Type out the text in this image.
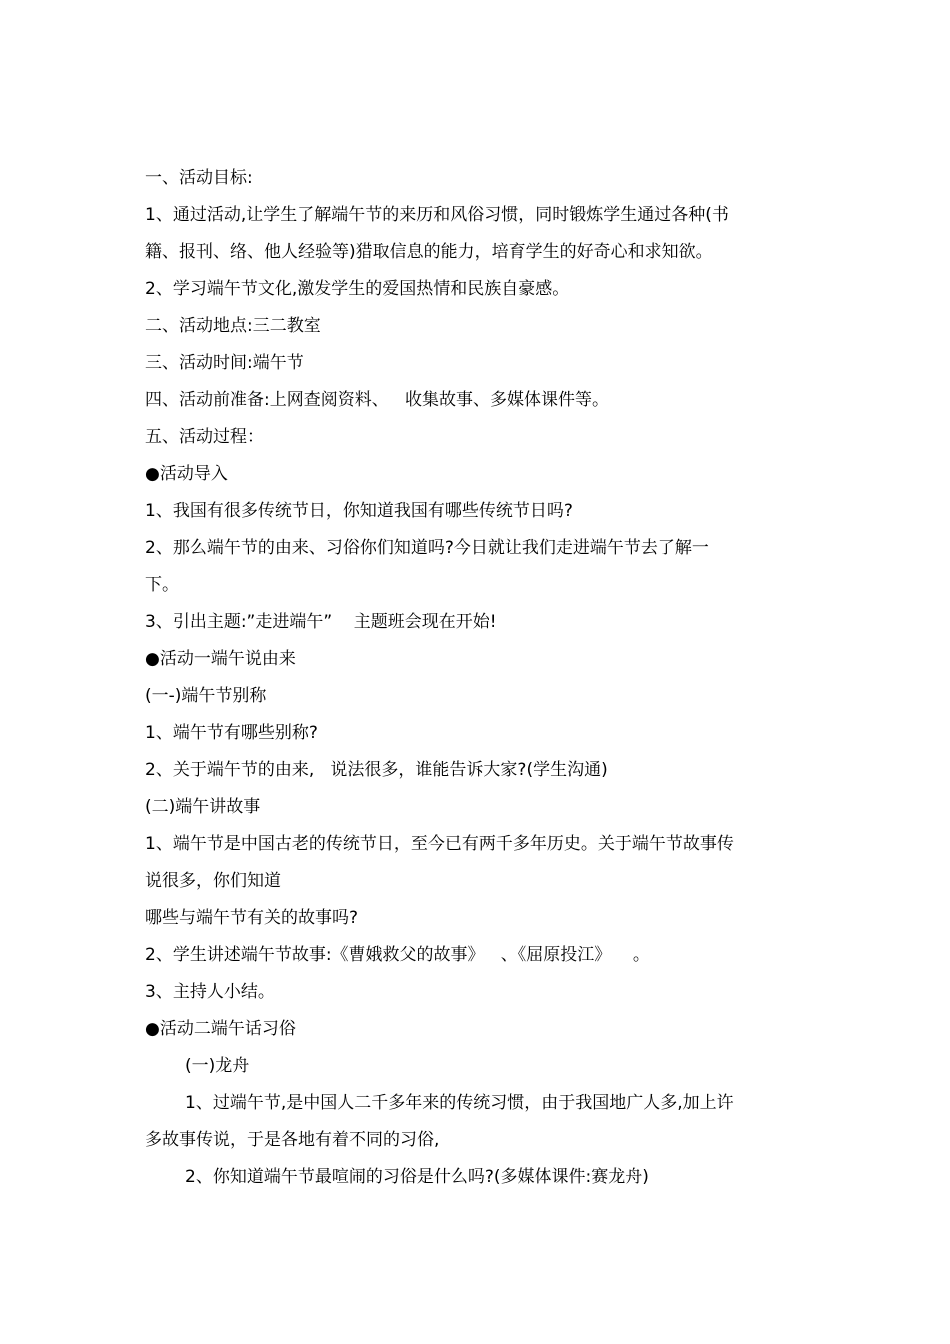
一、活动目标:
1、通过活动,让学生了解端午节的来历和风俗习惯，同时锻炼学生通过各种(书
籍、报刊、络、他人经验等)猎取信息的能力，培育学生的好奇心和求知欲。
2、学习端午节文化,激发学生的爱国热情和民族自豪感。
二、活动地点:三二教室
三、活动时间:端午节
四、活动前准备:上网查阅资料、   收集故事、多媒体课件等。
五、活动过程：
●活动导入
1、我国有很多传统节日，你知道我国有哪些传统节日吗?
2、那么端午节的由来、习俗你们知道吗?今日就让我们走进端午节去了解一
下。
3、引出主题:”走进端午”    主题班会现在开始!
●活动一端午说由来
(一-)端午节别称
1、端午节有哪些别称?
2、关于端午节的由来,   说法很多，谁能告诉大家?(学生沟通)
(二)端午讲故事
1、端午节是中国古老的传统节日，至今已有两千多年历史。关于端午节故事传
说很多，你们知道
哪些与端午节有关的故事吗?
2、学生讲述端午节故事:《曹娥救父的故事》   、《屈原投江》    。
3、主持人小结。
●活动二端午话习俗
(一)龙舟
1、过端午节,是中国人二千多年来的传统习惯，由于我国地广人多,加上许
多故事传说，于是各地有着不同的习俗,
2、你知道端午节最喧闹的习俗是什么吗?(多媒体课件:赛龙舟)
